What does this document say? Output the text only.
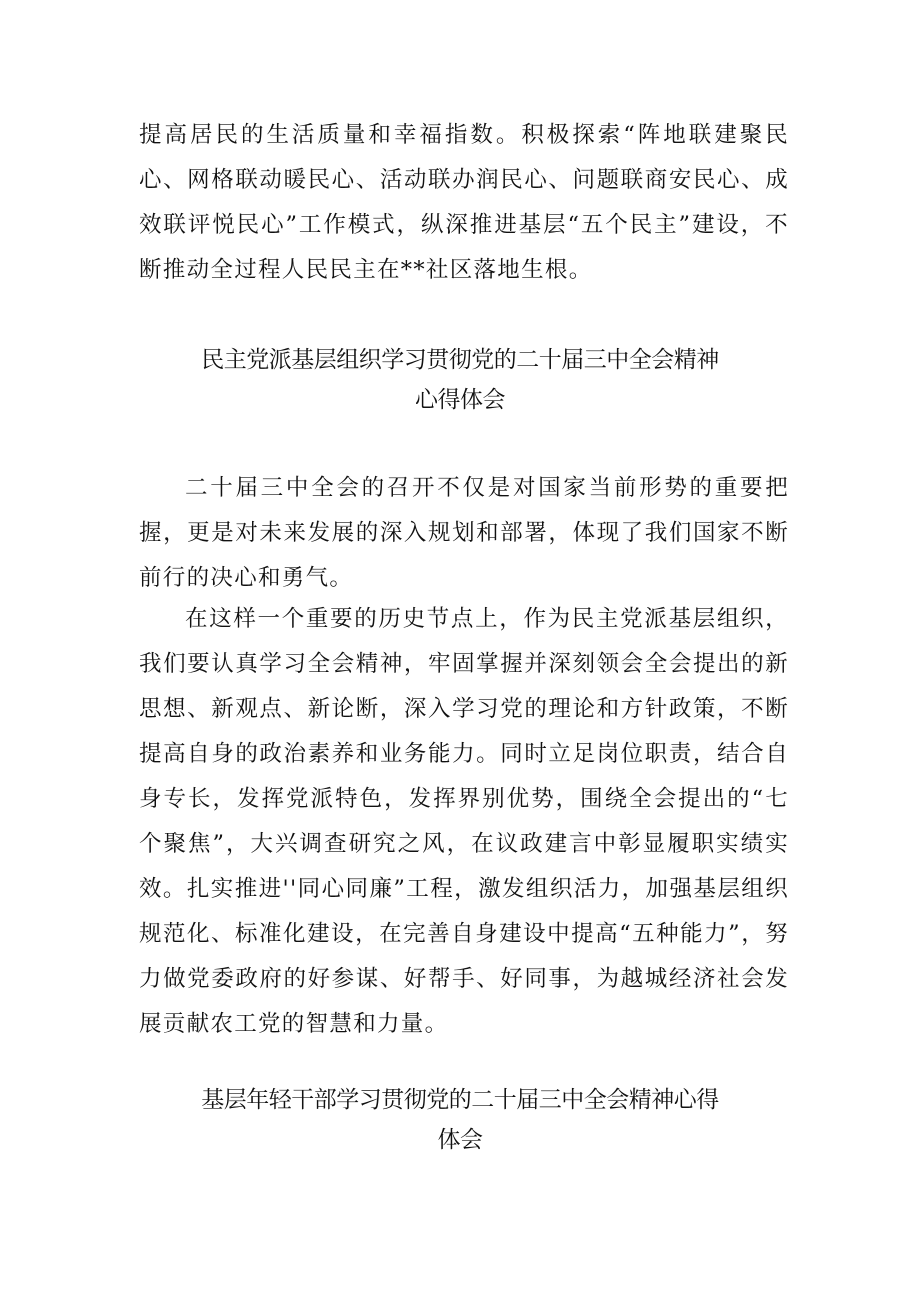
提高居民的生活质量和幸福指数。积极探索“阵地联建聚民心、网格联动暖民心、活动联办润民心、问题联商安民心、成效联评悦民心”工作模式，纵深推进基层“五个民主”建设，不断推动全过程人民民主在**社区落地生根。

民主党派基层组织学习贯彻党的二十届三中全会精神
心得体会

二十届三中全会的召开不仅是对国家当前形势的重要把握，更是对未来发展的深入规划和部署，体现了我们国家不断前行的决心和勇气。

在这样一个重要的历史节点上，作为民主党派基层组织，我们要认真学习全会精神，牢固掌握并深刻领会全会提出的新思想、新观点、新论断，深入学习党的理论和方针政策，不断提高自身的政治素养和业务能力。同时立足岗位职责，结合自身专长，发挥党派特色，发挥界别优势，围绕全会提出的“七个聚焦”，大兴调查研究之风，在议政建言中彰显履职实绩实效。扎实推进''同心同廉”工程，激发组织活力，加强基层组织规范化、标准化建设，在完善自身建设中提高“五种能力”，努力做党委政府的好参谋、好帮手、好同事，为越城经济社会发展贡献农工党的智慧和力量。

基层年轻干部学习贯彻党的二十届三中全会精神心得
体会
